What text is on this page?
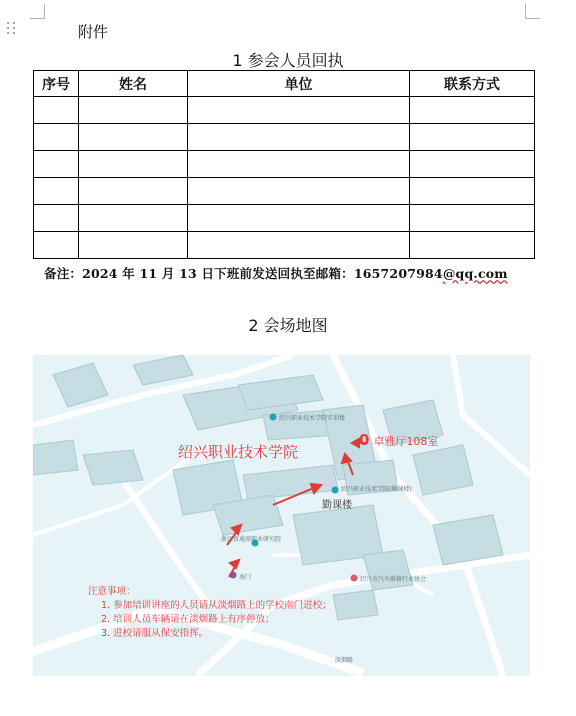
附件
1 参会人员回执
序号	姓名	单位	联系方式

备注：2024 年 11 月 13 日下班前发送回执至邮箱：1657207984@qq.com
2 会场地图
绍兴职业技术学院
0 卓雅厅108室
勤课楼
绍兴职业技术学院实训楼
绍兴职业技术学院(勤课楼)
浙江省通用职业研究院
南门	绍兴市汽车维修行业协会
淡烟路
注意事项：
1. 参加培训讲座的人员请从淡烟路上的学校南门进校；
2. 培训人员车辆请在淡烟路上有序停放；
3. 进校请服从保安指挥。
